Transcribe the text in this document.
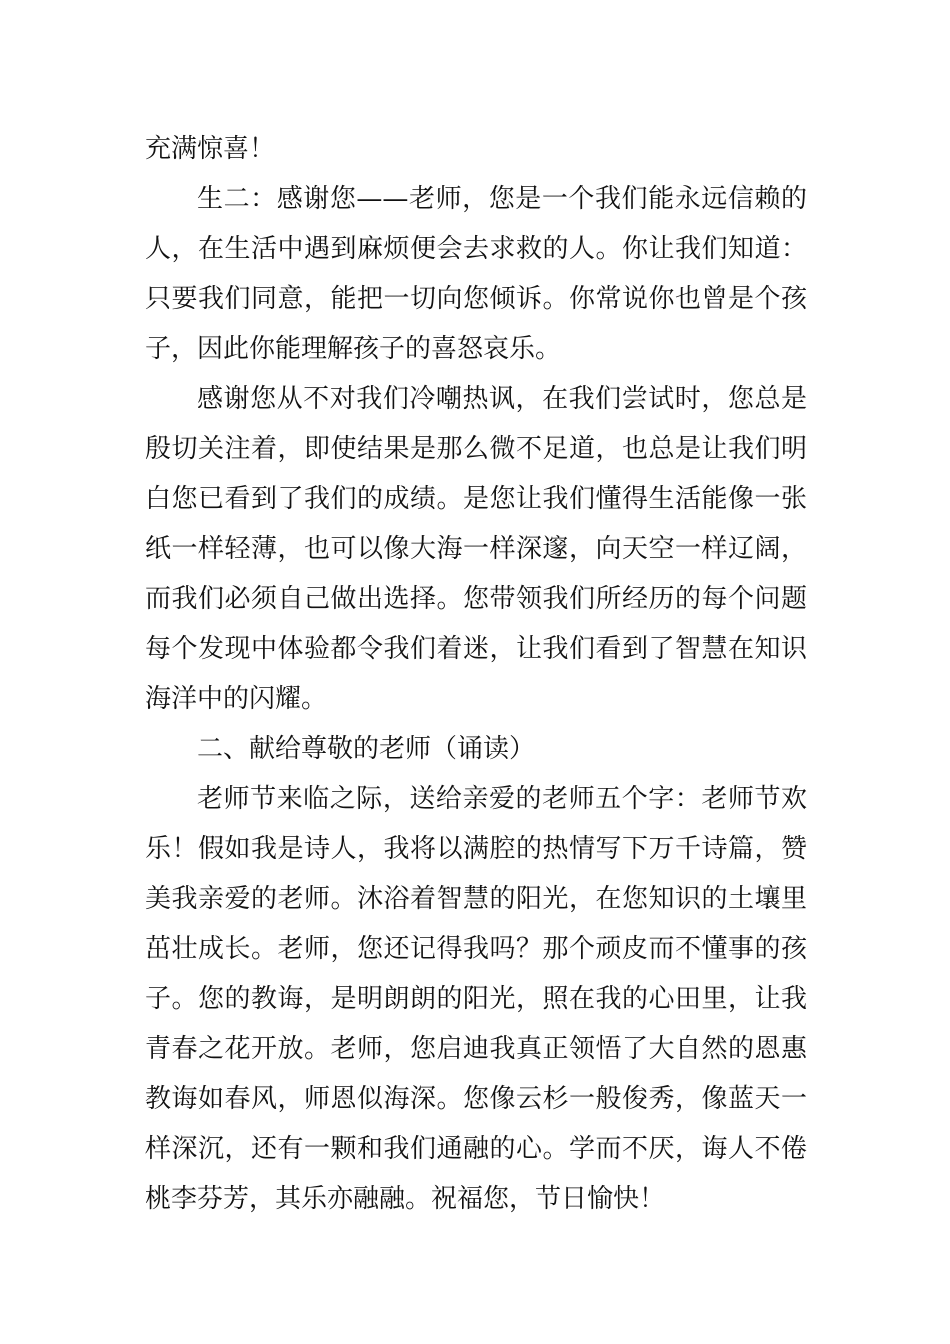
充满惊喜！
生二：感谢您——老师，您是一个我们能永远信赖的
人，在生活中遇到麻烦便会去求救的人。你让我们知道：
只要我们同意，能把一切向您倾诉。你常说你也曾是个孩
子，因此你能理解孩子的喜怒哀乐。
感谢您从不对我们冷嘲热讽，在我们尝试时，您总是
殷切关注着，即使结果是那么微不足道，也总是让我们明
白您已看到了我们的成绩。是您让我们懂得生活能像一张
纸一样轻薄，也可以像大海一样深邃，向天空一样辽阔，
而我们必须自己做出选择。您带领我们所经历的每个问题
每个发现中体验都令我们着迷，让我们看到了智慧在知识
海洋中的闪耀。
二、献给尊敬的老师（诵读）
老师节来临之际，送给亲爱的老师五个字：老师节欢
乐！假如我是诗人，我将以满腔的热情写下万千诗篇，赞
美我亲爱的老师。沐浴着智慧的阳光，在您知识的土壤里
茁壮成长。老师，您还记得我吗？那个顽皮而不懂事的孩
子。您的教诲，是明朗朗的阳光，照在我的心田里，让我
青春之花开放。老师，您启迪我真正领悟了大自然的恩惠
教诲如春风，师恩似海深。您像云杉一般俊秀，像蓝天一
样深沉，还有一颗和我们通融的心。学而不厌，诲人不倦
桃李芬芳，其乐亦融融。祝福您，节日愉快！
